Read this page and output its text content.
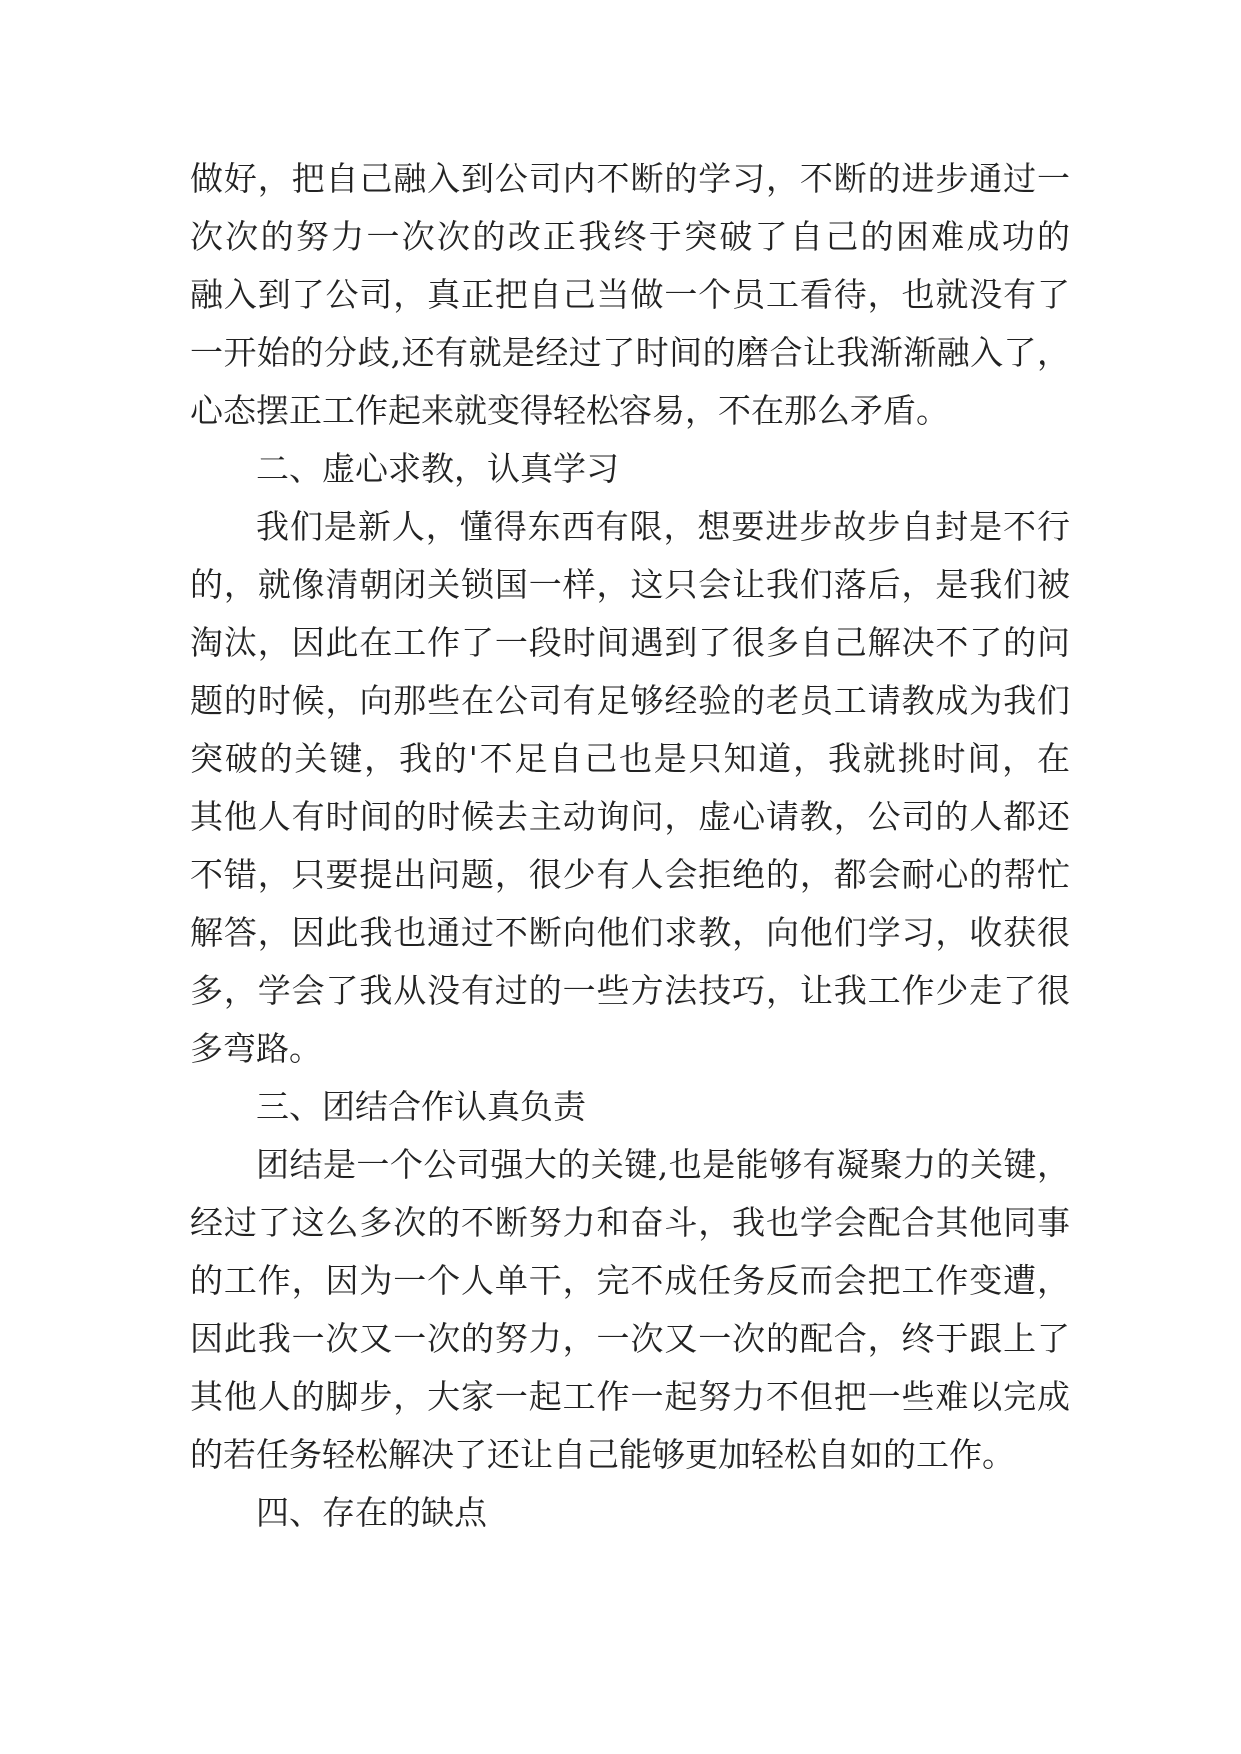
做好，把自己融入到公司内不断的学习，不断的进步通过一
次次的努力一次次的改正我终于突破了自己的困难成功的
融入到了公司，真正把自己当做一个员工看待，也就没有了
一开始的分歧,还有就是经过了时间的磨合让我渐渐融入了，
心态摆正工作起来就变得轻松容易，不在那么矛盾。
二、虚心求教，认真学习
我们是新人，懂得东西有限，想要进步故步自封是不行
的，就像清朝闭关锁国一样，这只会让我们落后，是我们被
淘汰，因此在工作了一段时间遇到了很多自己解决不了的问
题的时候，向那些在公司有足够经验的老员工请教成为我们
突破的关键，我的'不足自己也是只知道，我就挑时间，在
其他人有时间的时候去主动询问，虚心请教，公司的人都还
不错，只要提出问题，很少有人会拒绝的，都会耐心的帮忙
解答，因此我也通过不断向他们求教，向他们学习，收获很
多，学会了我从没有过的一些方法技巧，让我工作少走了很
多弯路。
三、团结合作认真负责
团结是一个公司强大的关键,也是能够有凝聚力的关键，
经过了这么多次的不断努力和奋斗，我也学会配合其他同事
的工作，因为一个人单干，完不成任务反而会把工作变遭，
因此我一次又一次的努力，一次又一次的配合，终于跟上了
其他人的脚步，大家一起工作一起努力不但把一些难以完成
的若任务轻松解决了还让自己能够更加轻松自如的工作。
四、存在的缺点
